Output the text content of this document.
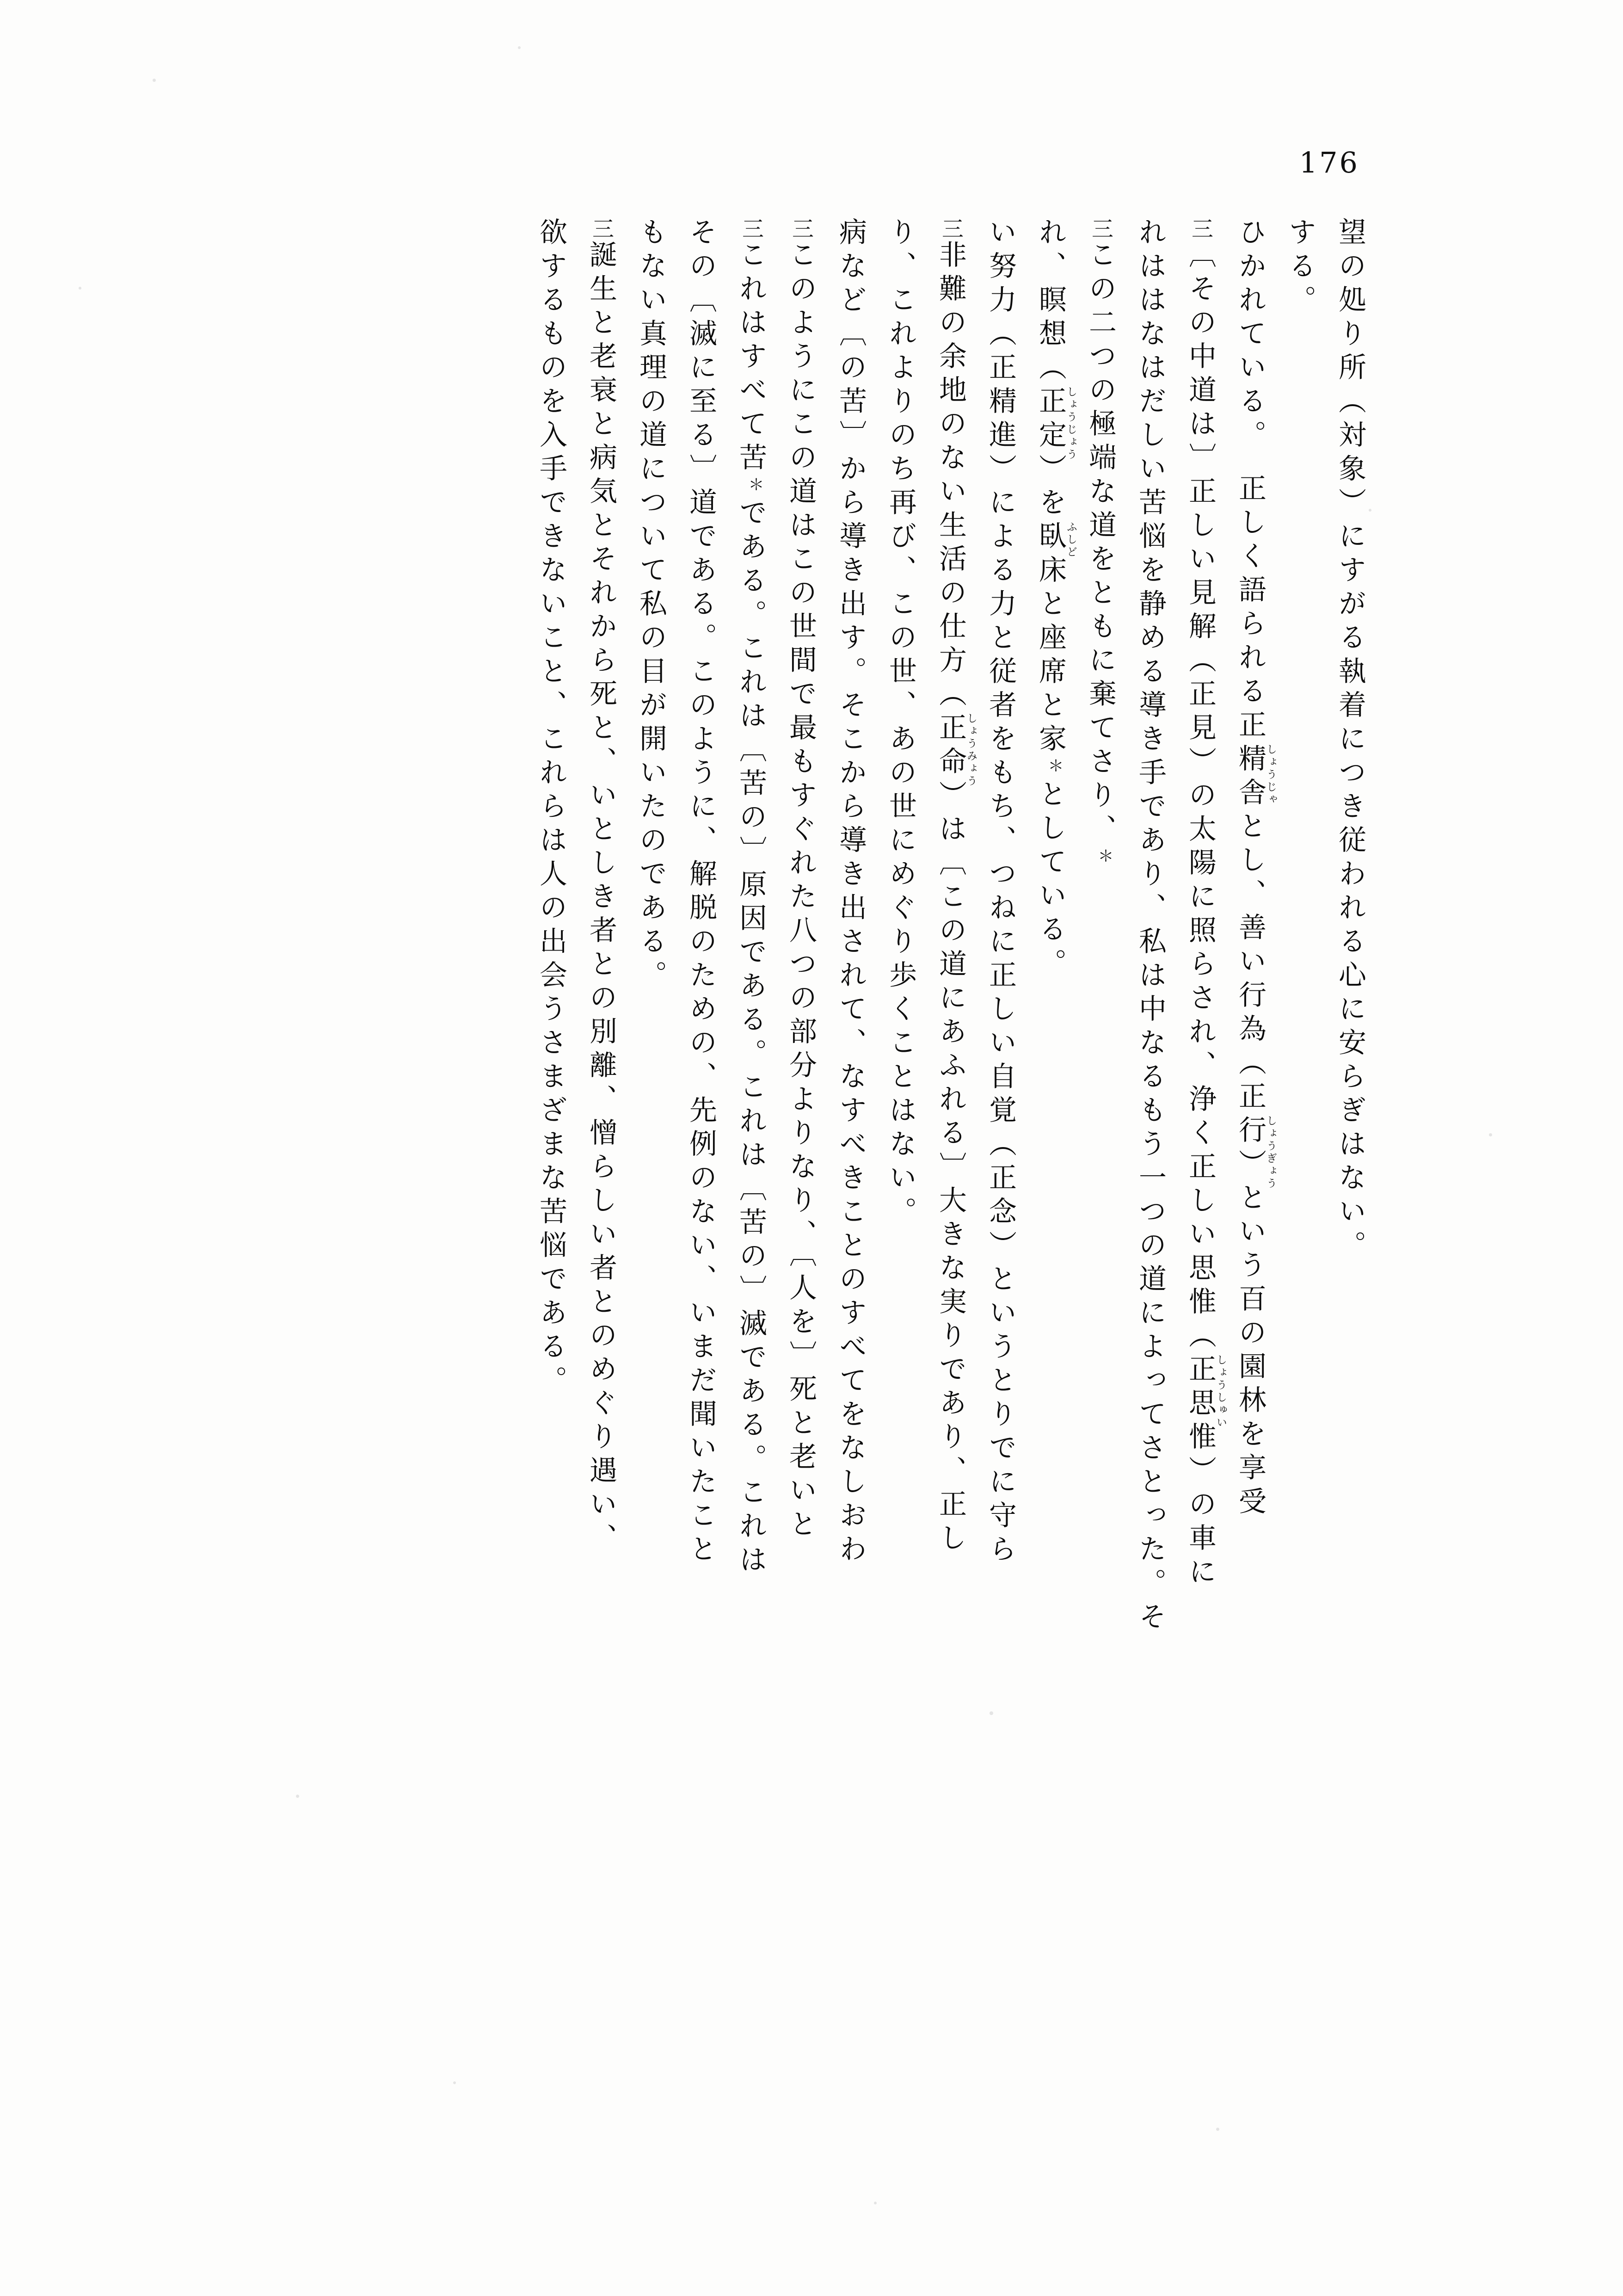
176
望の処り所（対象）にすがる執着につき従われる心に安らぎはない。
する。
ひかれている。　正しく語られる正精舎
しょうじゃ
とし、善い行為（正行
しょうぎょう
）という百の園林を享受
三〔その中道は〕正しい見解（正見）の太陽に照らされ、浄く正しい思惟（正思惟
しょうしゅい
）の車に
れははなはだしい苦悩を静める導き手であり、私は中なるもう一つの道によってさとった。そ
三この二つの極端な道をともに棄てさり、＊
れ、瞑想（正定
しょうじょう
）を臥床
ふしど
と座席と家＊としている。
い努力（正精進）による力と従者をもち、つねに正しい自覚（正念）というとりでに守ら
三非難の余地のない生活の仕方（正命
しょうみょう
）は〔この道にあふれる〕大きな実りであり、正し
り、これよりのち再び、この世、あの世にめぐり歩くことはない。
病など〔の苦〕から導き出す。そこから導き出されて、なすべきことのすべてをなしおわ
三このようにこの道はこの世間で最もすぐれた八つの部分よりなり、〔人を〕死と老いと
三これはすべて苦＊である。これは〔苦の〕原因である。これは〔苦の〕滅である。これは
その〔滅に至る〕道である。このように、解脱のための、先例のない、いまだ聞いたこと
もない真理の道について私の目が開いたのである。
三誕生と老衰と病気とそれから死と、いとしき者との別離、憎らしい者とのめぐり遇い、
欲するものを入手できないこと、これらは人の出会うさまざまな苦悩である。
